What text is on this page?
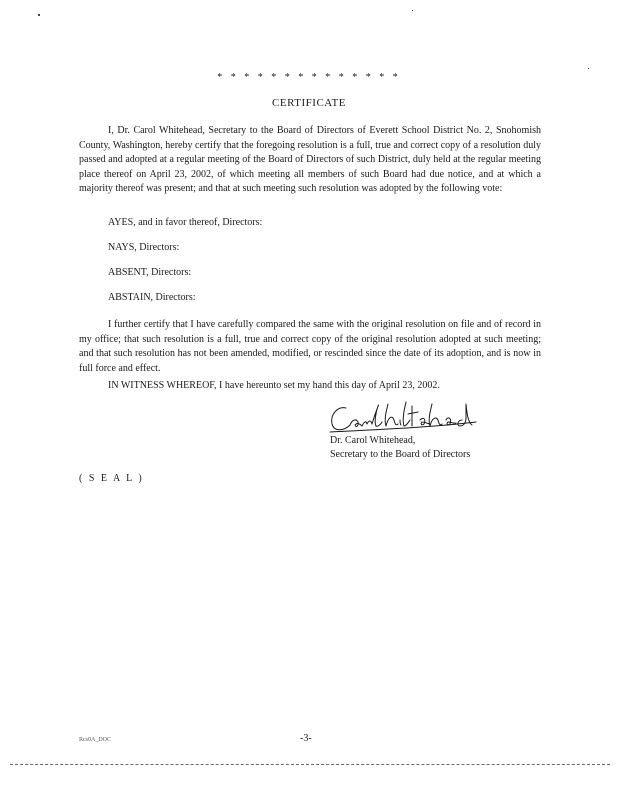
* * * * * * * * * * * * * *
CERTIFICATE

I, Dr. Carol Whitehead, Secretary to the Board of Directors of Everett School District No. 2, Snohomish County, Washington, hereby certify that the foregoing resolution is a full, true and correct copy of a resolution duly passed and adopted at a regular meeting of the Board of Directors of such District, duly held at the regular meeting place thereof on April 23, 2002, of which meeting all members of such Board had due notice, and at which a majority thereof was present; and that at such meeting such resolution was adopted by the following vote:

AYES, and in favor thereof, Directors:
NAYS, Directors:
ABSENT, Directors:
ABSTAIN, Directors:

I further certify that I have carefully compared the same with the original resolution on file and of record in my office; that such resolution is a full, true and correct copy of the original resolution adopted at such meeting; and that such resolution has not been amended, modified, or rescinded since the date of its adoption, and is now in full force and effect.

IN WITNESS WHEREOF, I have hereunto set my hand this day of April 23, 2002.
Dr. Carol Whitehead,
Secretary to the Board of Directors
( S E A L )
Rcs0A_DOC	-3-
